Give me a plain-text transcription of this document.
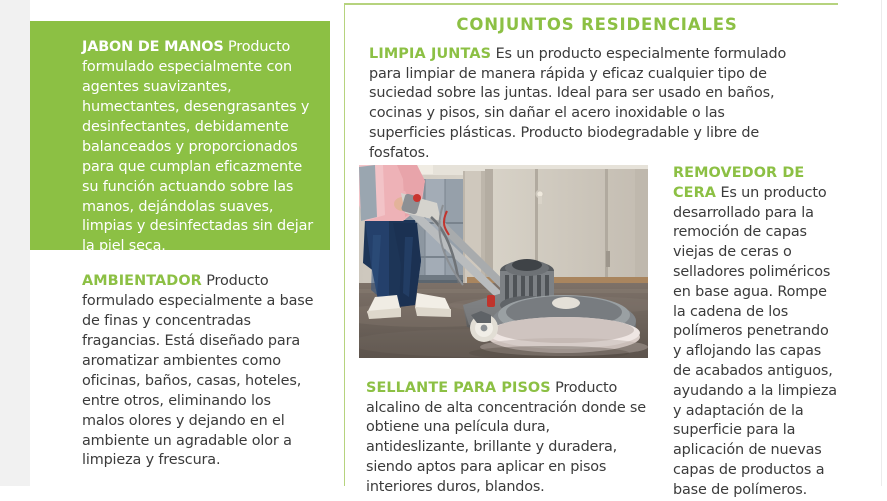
JABON DE MANOS Producto formulado especialmente con agentes suavizantes, humectantes, desengrasantes y desinfectantes, debidamente balanceados y proporcionados para que cumplan eficazmente su función actuando sobre las manos, dejándolas suaves, limpias y desinfectadas sin dejar la piel seca.
AMBIENTADOR Producto formulado especialmente a base de finas y concentradas fragancias. Está diseñado para aromatizar ambientes como oficinas, baños, casas, hoteles, entre otros, eliminando los malos olores y dejando en el ambiente un agradable olor a limpieza y frescura.
CONJUNTOS RESIDENCIALES
LIMPIA JUNTAS Es un producto especialmente formulado para limpiar de manera rápida y eficaz cualquier tipo de suciedad sobre las juntas. Ideal para ser usado en baños, cocinas y pisos, sin dañar el acero inoxidable o las superficies plásticas. Producto biodegradable y libre de fosfatos.
SELLANTE PARA PISOS Producto alcalino de alta concentración donde se obtiene una película dura, antideslizante, brillante y duradera, siendo aptos para aplicar en pisos interiores duros, blandos.
REMOVEDOR DE CERA Es un producto desarrollado para la remoción de capas viejas de ceras o selladores poliméricos en base agua. Rompe la cadena de los polímeros penetrando y aflojando las capas de acabados antiguos, ayudando a la limpieza y adaptación de la superficie para la aplicación de nuevas capas de productos a base de polímeros.
